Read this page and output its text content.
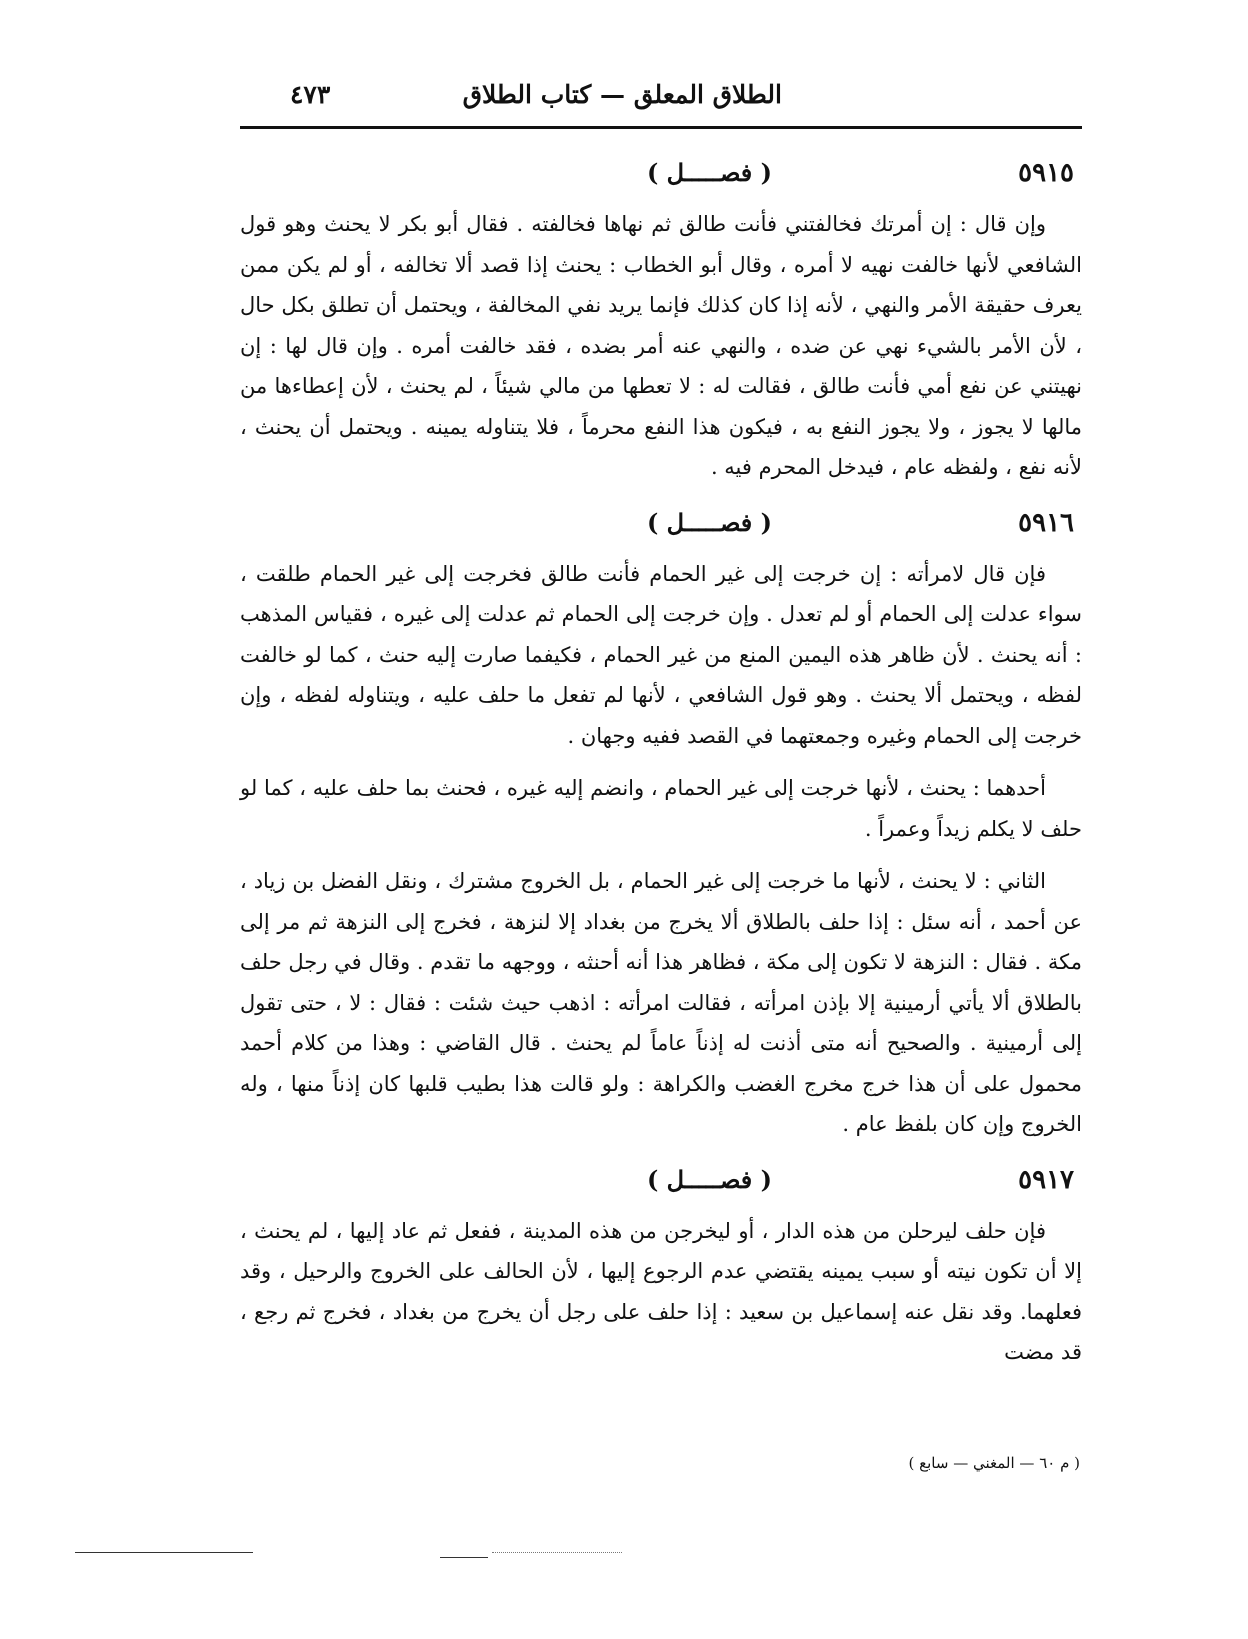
الطلاق المعلق — كتاب الطلاق
٤٧٣
٥٩١٥
( فصـــــل )

وإن قال : إن أمرتك فخالفتني فأنت طالق ثم نهاها فخالفته . فقال أبو بكر لا يحنث وهو قول الشافعي لأنها خالفت نهيه لا أمره ، وقال أبو الخطاب : يحنث إذا قصد ألا تخالفه ، أو لم يكن ممن يعرف حقيقة الأمر والنهي ، لأنه إذا كان كذلك فإنما يريد نفي المخالفة ، ويحتمل أن تطلق بكل حال ، لأن الأمر بالشيء نهي عن ضده ، والنهي عنه أمر بضده ، فقد خالفت أمره . وإن قال لها : إن نهيتني عن نفع أمي فأنت طالق ، فقالت له : لا تعطها من مالي شيئاً ، لم يحنث ، لأن إعطاءها من مالها لا يجوز ، ولا يجوز النفع به ، فيكون هذا النفع محرماً ، فلا يتناوله يمينه . ويحتمل أن يحنث ، لأنه نفع ، ولفظه عام ، فيدخل المحرم فيه .

٥٩١٦
( فصـــــل )

فإن قال لامرأته : إن خرجت إلى غير الحمام فأنت طالق فخرجت إلى غير الحمام طلقت ، سواء عدلت إلى الحمام أو لم تعدل . وإن خرجت إلى الحمام ثم عدلت إلى غيره ، فقياس المذهب : أنه يحنث . لأن ظاهر هذه اليمين المنع من غير الحمام ، فكيفما صارت إليه حنث ، كما لو خالفت لفظه ، ويحتمل ألا يحنث . وهو قول الشافعي ، لأنها لم تفعل ما حلف عليه ، ويتناوله لفظه ، وإن خرجت إلى الحمام وغيره وجمعتهما في القصد ففيه وجهان .

أحدهما : يحنث ، لأنها خرجت إلى غير الحمام ، وانضم إليه غيره ، فحنث بما حلف عليه ، كما لو حلف لا يكلم زيداً وعمراً .

الثاني : لا يحنث ، لأنها ما خرجت إلى غير الحمام ، بل الخروج مشترك ، ونقل الفضل بن زياد ، عن أحمد ، أنه سئل : إذا حلف بالطلاق ألا يخرج من بغداد إلا لنزهة ، فخرج إلى النزهة ثم مر إلى مكة . فقال : النزهة لا تكون إلى مكة ، فظاهر هذا أنه أحنثه ، ووجهه ما تقدم . وقال في رجل حلف بالطلاق ألا يأتي أرمينية إلا بإذن امرأته ، فقالت امرأته : اذهب حيث شئت : فقال : لا ، حتى تقول إلى أرمينية . والصحيح أنه متى أذنت له إذناً عاماً لم يحنث . قال القاضي : وهذا من كلام أحمد محمول على أن هذا خرج مخرج الغضب والكراهة : ولو قالت هذا بطيب قلبها كان إذناً منها ، وله الخروج وإن كان بلفظ عام .

٥٩١٧
( فصـــــل )

فإن حلف ليرحلن من هذه الدار ، أو ليخرجن من هذه المدينة ، ففعل ثم عاد إليها ، لم يحنث ، إلا أن تكون نيته أو سبب يمينه يقتضي عدم الرجوع إليها ، لأن الحالف على الخروج والرحيل ، وقد فعلهما. وقد نقل عنه إسماعيل بن سعيد : إذا حلف على رجل أن يخرج من بغداد ، فخرج ثم رجع ، قد مضت

( م ٦٠ — المغني — سابع )
